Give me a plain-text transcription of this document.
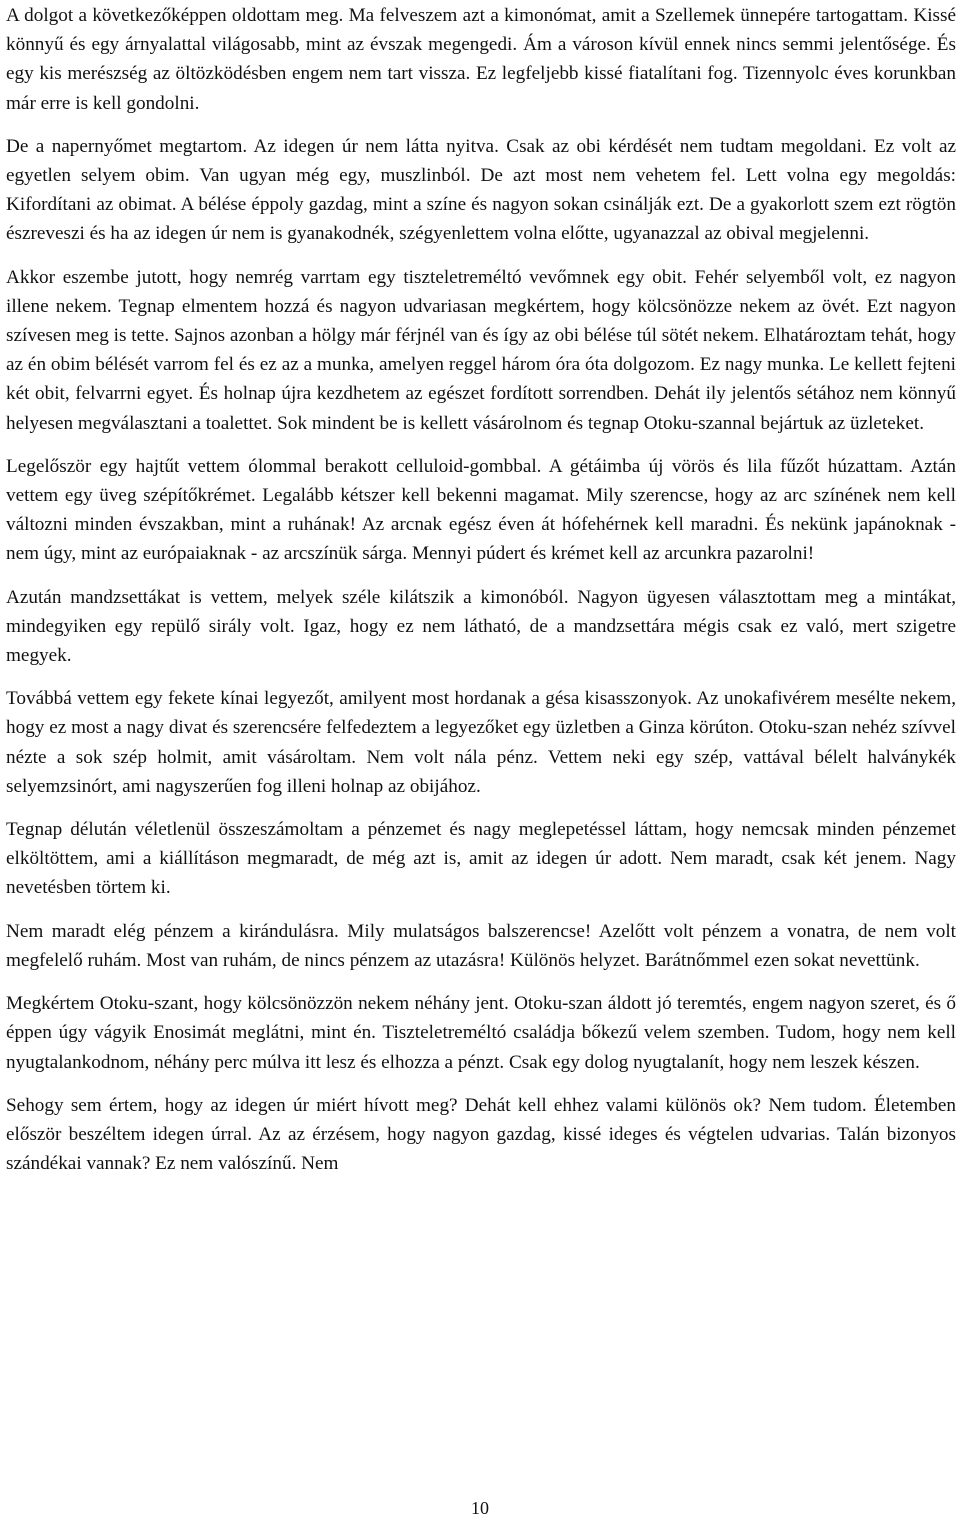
A dolgot a következőképpen oldottam meg. Ma felveszem azt a kimonómat, amit a Szellemek ünnepére tartogattam. Kissé könnyű és egy árnyalattal világosabb, mint az évszak megengedi. Ám a városon kívül ennek nincs semmi jelentősége. És egy kis merészség az öltözködésben engem nem tart vissza. Ez legfeljebb kissé fiatalítani fog. Tizennyolc éves korunkban már erre is kell gondolni.

De a napernyőmet megtartom. Az idegen úr nem látta nyitva. Csak az obi kérdését nem tudtam megoldani. Ez volt az egyetlen selyem obim. Van ugyan még egy, muszlinból. De azt most nem vehetem fel. Lett volna egy megoldás: Kifordítani az obimat. A bélése éppoly gazdag, mint a színe és nagyon sokan csinálják ezt. De a gyakorlott szem ezt rögtön észreveszi és ha az idegen úr nem is gyanakodnék, szégyenlettem volna előtte, ugyanazzal az obival megjelenni.

Akkor eszembe jutott, hogy nemrég varrtam egy tiszteletreméltó vevőmnek egy obit. Fehér selyemből volt, ez nagyon illene nekem. Tegnap elmentem hozzá és nagyon udvariasan megkértem, hogy kölcsönözze nekem az övét. Ezt nagyon szívesen meg is tette. Sajnos azonban a hölgy már férjnél van és így az obi bélése túl sötét nekem. Elhatároztam tehát, hogy az én obim bélését varrom fel és ez az a munka, amelyen reggel három óra óta dolgozom. Ez nagy munka. Le kellett fejteni két obit, felvarrni egyet. És holnap újra kezdhetem az egészet fordított sorrendben. Dehát ily jelentős sétához nem könnyű helyesen megválasztani a toalettet. Sok mindent be is kellett vásárolnom és tegnap Otoku-szannal bejártuk az üzleteket.

Legelőször egy hajtűt vettem ólommal berakott celluloid-gombbal. A gétáimba új vörös és lila fűzőt húzattam. Aztán vettem egy üveg szépítőkrémet. Legalább kétszer kell bekenni magamat. Mily szerencse, hogy az arc színének nem kell változni minden évszakban, mint a ruhának! Az arcnak egész éven át hófehérnek kell maradni. És nekünk japánoknak - nem úgy, mint az európaiaknak - az arcszínük sárga. Mennyi púdert és krémet kell az arcunkra pazarolni!

Azután mandzsettákat is vettem, melyek széle kilátszik a kimonóból. Nagyon ügyesen választottam meg a mintákat, mindegyiken egy repülő sirály volt. Igaz, hogy ez nem látható, de a mandzsettára mégis csak ez való, mert szigetre megyek.

Továbbá vettem egy fekete kínai legyezőt, amilyent most hordanak a gésa kisasszonyok. Az unokafivérem mesélte nekem, hogy ez most a nagy divat és szerencsére felfedeztem a legyezőket egy üzletben a Ginza körúton. Otoku-szan nehéz szívvel nézte a sok szép holmit, amit vásároltam. Nem volt nála pénz. Vettem neki egy szép, vattával bélelt halványkék selyemzsinórt, ami nagyszerűen fog illeni holnap az obijához.

Tegnap délután véletlenül összeszámoltam a pénzemet és nagy meglepetéssel láttam, hogy nemcsak minden pénzemet elköltöttem, ami a kiállításon megmaradt, de még azt is, amit az idegen úr adott. Nem maradt, csak két jenem. Nagy nevetésben törtem ki.

Nem maradt elég pénzem a kirándulásra. Mily mulatságos balszerencse! Azelőtt volt pénzem a vonatra, de nem volt megfelelő ruhám. Most van ruhám, de nincs pénzem az utazásra! Különös helyzet. Barátnőmmel ezen sokat nevettünk.

Megkértem Otoku-szant, hogy kölcsönözzön nekem néhány jent. Otoku-szan áldott jó teremtés, engem nagyon szeret, és ő éppen úgy vágyik Enosimát meglátni, mint én. Tiszteletreméltó családja bőkezű velem szemben. Tudom, hogy nem kell nyugtalankodnom, néhány perc múlva itt lesz és elhozza a pénzt. Csak egy dolog nyugtalanít, hogy nem leszek készen.

Sehogy sem értem, hogy az idegen úr miért hívott meg? Dehát kell ehhez valami különös ok? Nem tudom. Életemben először beszéltem idegen úrral. Az az érzésem, hogy nagyon gazdag, kissé ideges és végtelen udvarias. Talán bizonyos szándékai vannak? Ez nem valószínű. Nem

10
